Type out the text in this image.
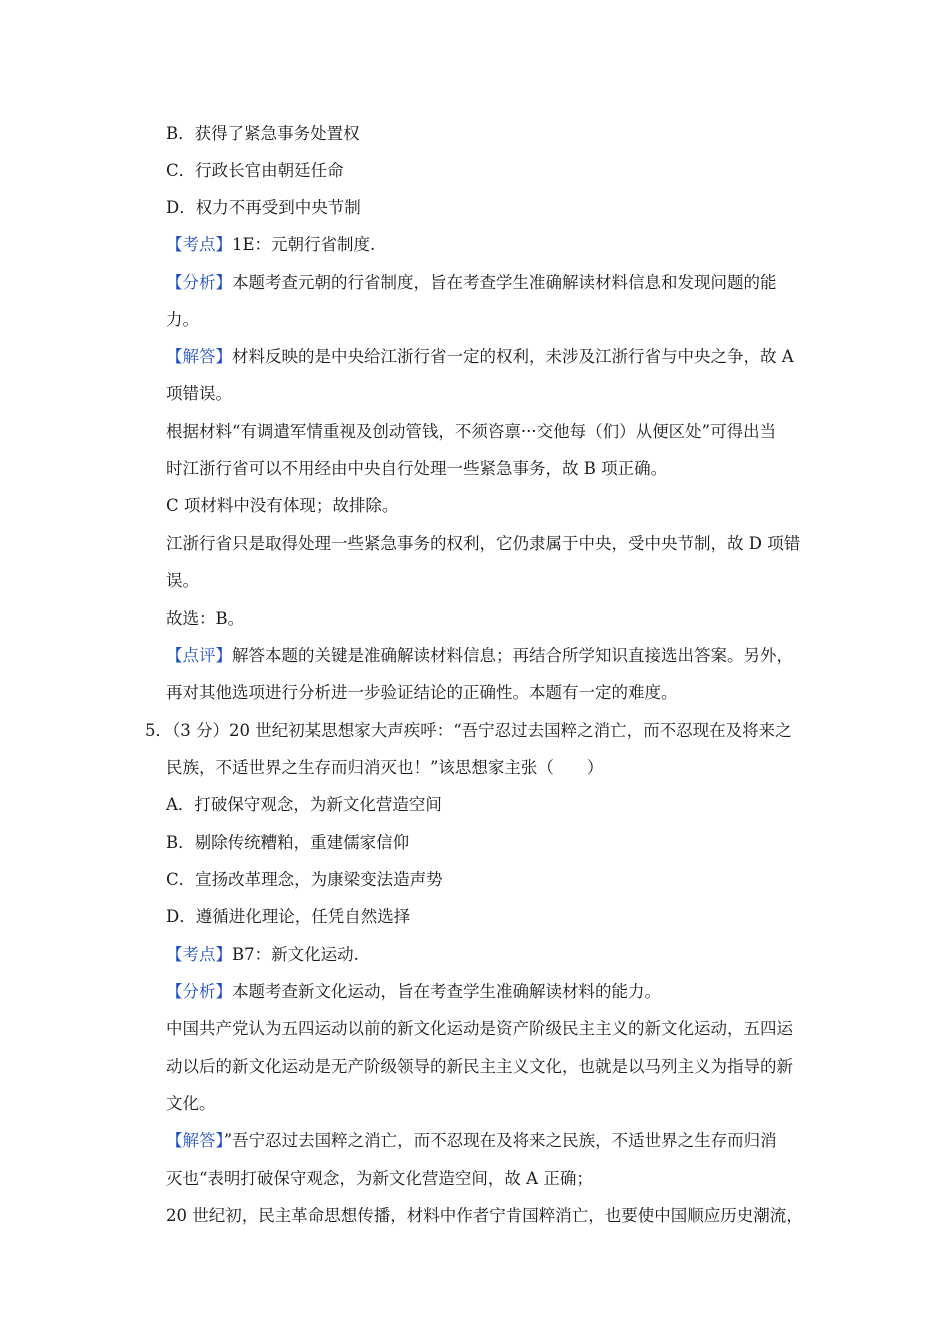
B．获得了紧急事务处置权
C．行政长官由朝廷任命
D．权力不再受到中央节制
【考点】1E：元朝行省制度.
【分析】本题考查元朝的行省制度，旨在考查学生准确解读材料信息和发现问题的能
力。
【解答】材料反映的是中央给江浙行省一定的权利，未涉及江浙行省与中央之争，故 A
项错误。
根据材料“有调遣军情重视及创动管钱，不须咨禀···交他每（们）从便区处”可得出当
时江浙行省可以不用经由中央自行处理一些紧急事务，故 B 项正确。
C 项材料中没有体现；故排除。
江浙行省只是取得处理一些紧急事务的权利，它仍隶属于中央，受中央节制，故 D 项错
误。
故选：B。
【点评】解答本题的关键是准确解读材料信息；再结合所学知识直接选出答案。另外，
再对其他选项进行分析进一步验证结论的正确性。本题有一定的难度。
5．（3 分）20 世纪初某思想家大声疾呼：“吾宁忍过去国粹之消亡，而不忍现在及将来之
民族，不适世界之生存而归消灭也！”该思想家主张（　　）
A．打破保守观念，为新文化营造空间
B．剔除传统糟粕，重建儒家信仰
C．宣扬改革理念，为康梁变法造声势
D．遵循进化理论，任凭自然选择
【考点】B7：新文化运动.
【分析】本题考查新文化运动，旨在考查学生准确解读材料的能力。
中国共产党认为五四运动以前的新文化运动是资产阶级民主主义的新文化运动，五四运
动以后的新文化运动是无产阶级领导的新民主主义文化，也就是以马列主义为指导的新
文化。
【解答】”吾宁忍过去国粹之消亡，而不忍现在及将来之民族，不适世界之生存而归消
灭也“表明打破保守观念，为新文化营造空间，故 A 正确；
20 世纪初，民主革命思想传播，材料中作者宁肯国粹消亡，也要使中国顺应历史潮流，
